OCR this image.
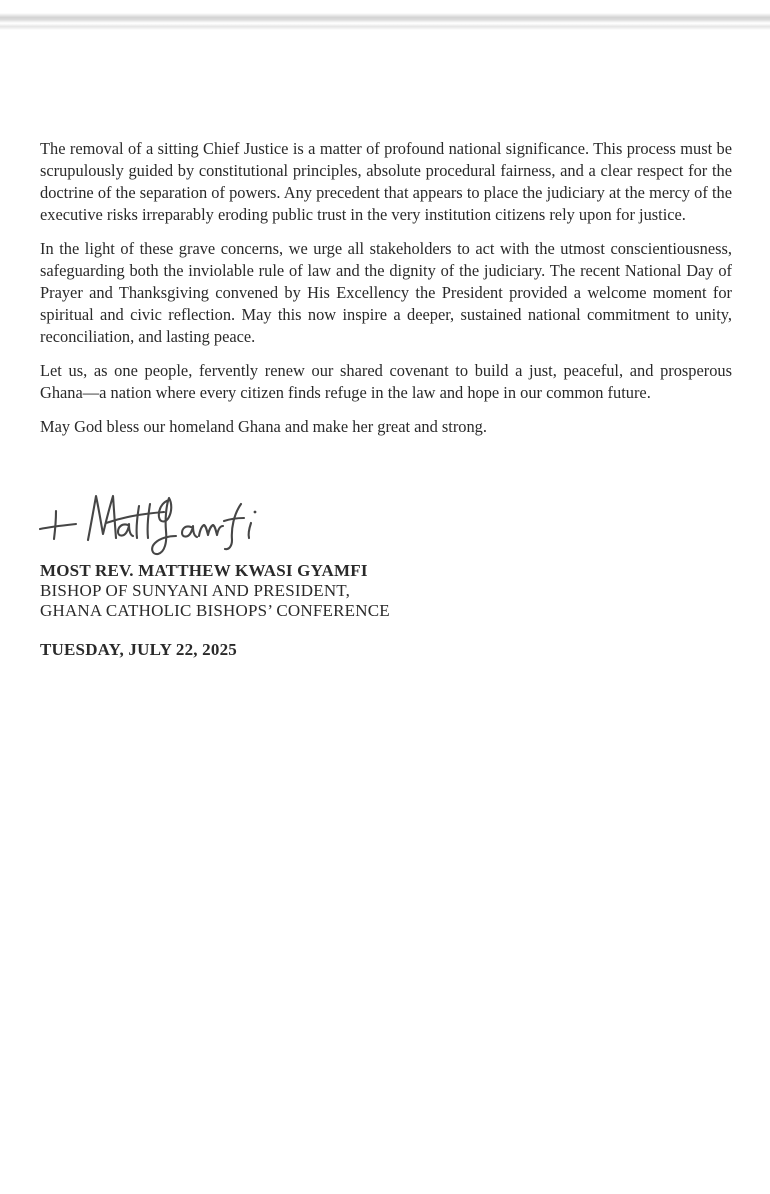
The removal of a sitting Chief Justice is a matter of profound national significance. This process must be scrupulously guided by constitutional principles, absolute procedural fairness, and a clear respect for the doctrine of the separation of powers. Any precedent that appears to place the judiciary at the mercy of the executive risks irreparably eroding public trust in the very institution citizens rely upon for justice.

In the light of these grave concerns, we urge all stakeholders to act with the utmost conscientiousness, safeguarding both the inviolable rule of law and the dignity of the judiciary. The recent National Day of Prayer and Thanksgiving convened by His Excellency the President provided a welcome moment for spiritual and civic reflection. May this now inspire a deeper, sustained national commitment to unity, reconciliation, and lasting peace.

Let us, as one people, fervently renew our shared covenant to build a just, peaceful, and prosperous Ghana—a nation where every citizen finds refuge in the law and hope in our common future.

May God bless our homeland Ghana and make her great and strong.

MOST REV. MATTHEW KWASI GYAMFI
BISHOP OF SUNYANI AND PRESIDENT,
GHANA CATHOLIC BISHOPS’ CONFERENCE
TUESDAY, JULY 22, 2025
